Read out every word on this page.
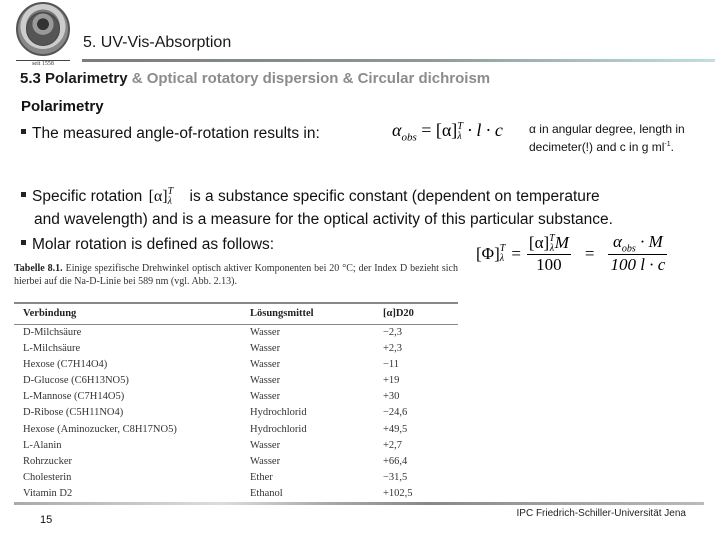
seit 1558
5. UV-Vis-Absorption
5.3 Polarimetry & Optical rotatory dispersion & Circular dichroism
Polarimetry
The measured angle-of-rotation results in:	$\alpha_{obs} = [\alpha]$ T
λ · l · c α in angular degree, length in
decimeter(!) and c in g $ml^{-1}$.
Specific rotation [α] T
λ is a substance specific constant (dependent on temperature
and wavelength) and is a measure for the optical activity of this particular substance.
Molar rotation is defined as follows:	[Φ] T
λ = [α] T
λ M
$100 = \frac{\alpha_{obs} \cdot M}{100 l \cdot c}$
Tabelle 8.1. Einige spezifische Drehwinkel optisch aktiver Komponenten bei 20 °C; der Index D bezieht sich hierbei auf die Na-D-Linie bei 589 nm (vgl. Abb. 2.13).
Verbindung	Lösungsmittel	[α]D20
D-Milchsäure	Wasser	−2,3
L-Milchsäure	Wasser	+2,3
Hexose (C7H14O4)	Wasser	−11
D-Glucose (C6H13NO5)	Wasser	+19
L-Mannose (C7H14O5)	Wasser	+30
D-Ribose (C5H11NO4)	Hydrochlorid	−24,6
Hexose (Aminozucker, C8H17NO5)	Hydrochlorid	+49,5
L-Alanin	Wasser	+2,7
Rohrzucker	Wasser	+66,4
Cholesterin	Ether	−31,5
Vitamin D2	Ethanol	+102,5
15
IPC Friedrich-Schiller-Universität Jena
